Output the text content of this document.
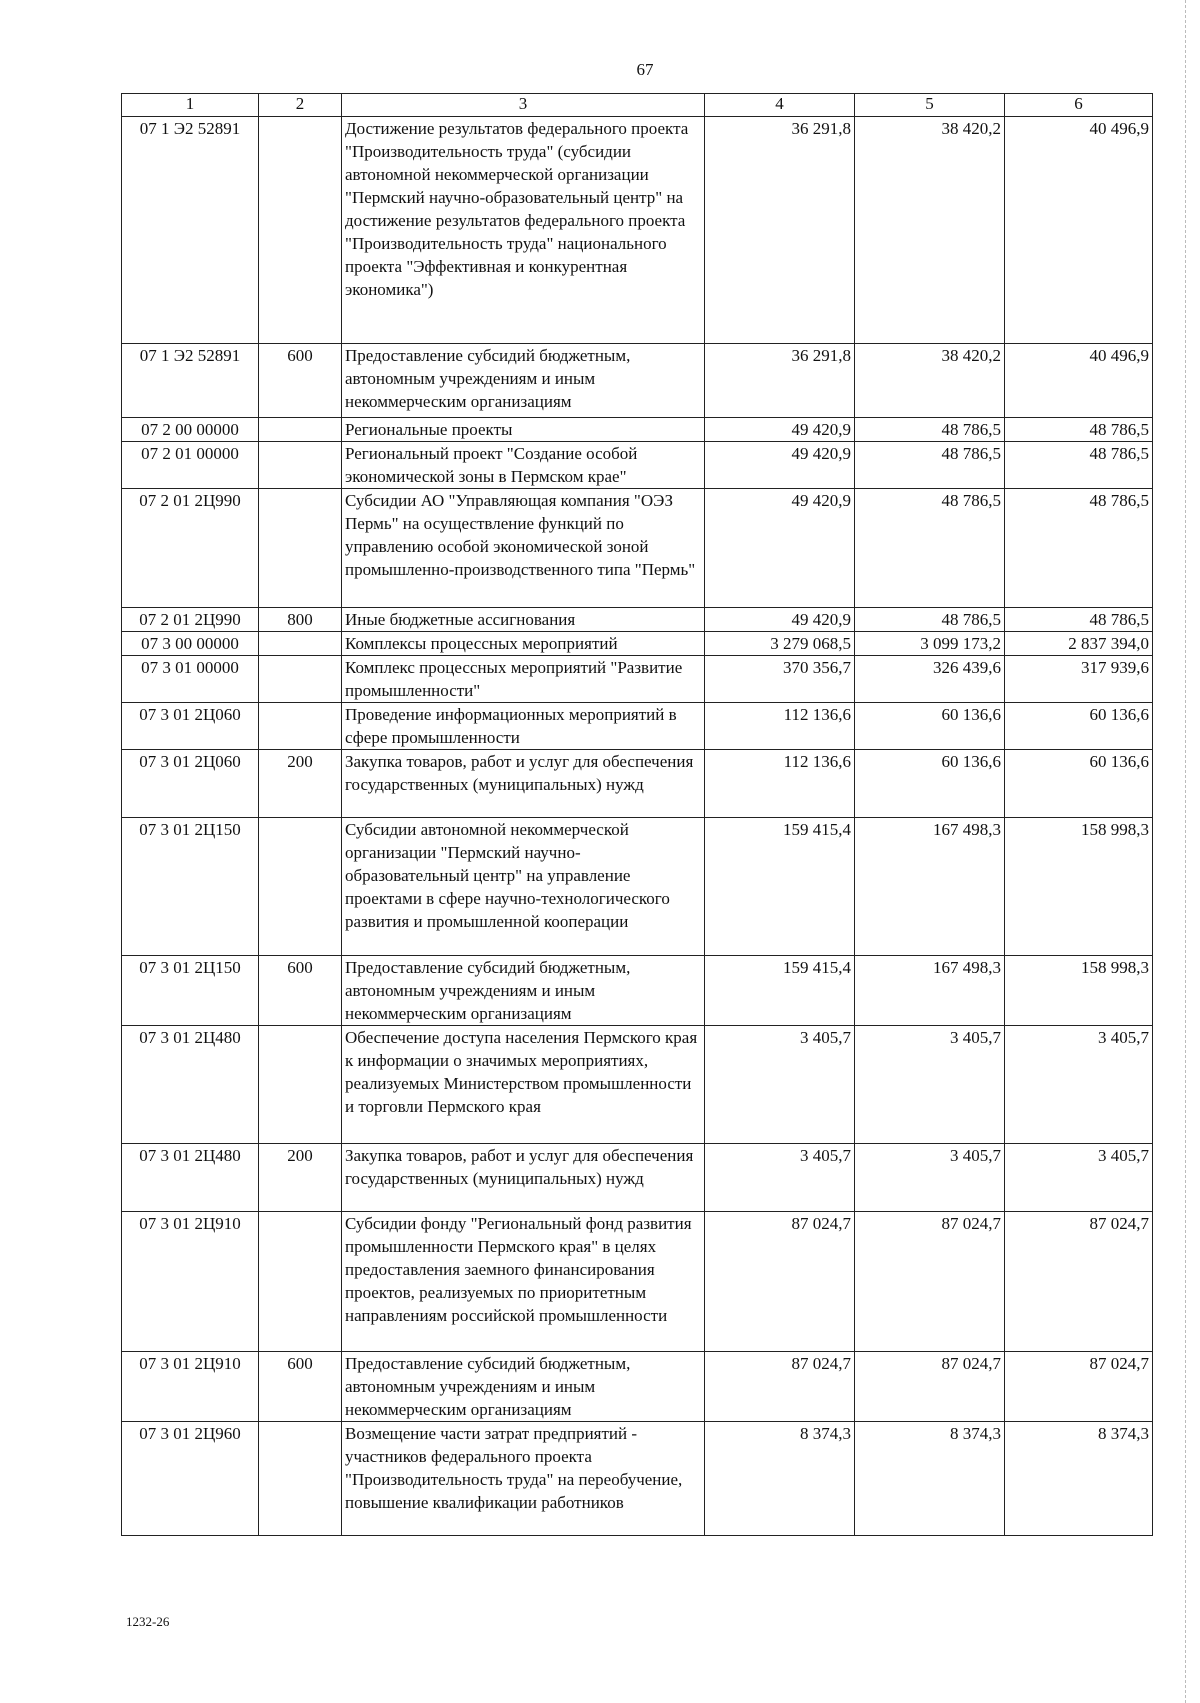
67
1	2	3	4	5	6
07 1 Э2 52891		Достижение результатов федерального проекта "Производительность труда" (субсидии автономной некоммерческой организации "Пермский научно-образовательный центр" на достижение результатов федерального проекта "Производительность труда" национального проекта "Эффективная и конкурентная экономика")	36 291,8	38 420,2	40 496,9
07 1 Э2 52891	600	Предоставление субсидий бюджетным, автономным учреждениям и иным некоммерческим организациям	36 291,8	38 420,2	40 496,9
07 2 00 00000		Региональные проекты	49 420,9	48 786,5	48 786,5
07 2 01 00000		Региональный проект "Создание особой экономической зоны в Пермском крае"	49 420,9	48 786,5	48 786,5
07 2 01 2Ц990		Субсидии АО "Управляющая компания "ОЭЗ Пермь" на осуществление функций по управлению особой экономической зоной промышленно-производственного типа "Пермь"	49 420,9	48 786,5	48 786,5
07 2 01 2Ц990	800	Иные бюджетные ассигнования	49 420,9	48 786,5	48 786,5
07 3 00 00000		Комплексы процессных мероприятий	3 279 068,5	3 099 173,2	2 837 394,0
07 3 01 00000		Комплекс процессных мероприятий "Развитие промышленности"	370 356,7	326 439,6	317 939,6
07 3 01 2Ц060		Проведение информационных мероприятий в сфере промышленности	112 136,6	60 136,6	60 136,6
07 3 01 2Ц060	200	Закупка товаров, работ и услуг для обеспечения государственных (муниципальных) нужд	112 136,6	60 136,6	60 136,6
07 3 01 2Ц150		Субсидии автономной некоммерческой организации "Пермский научно-образовательный центр" на управление проектами в сфере научно-технологического развития и промышленной кооперации	159 415,4	167 498,3	158 998,3
07 3 01 2Ц150	600	Предоставление субсидий бюджетным, автономным учреждениям и иным некоммерческим организациям	159 415,4	167 498,3	158 998,3
07 3 01 2Ц480		Обеспечение доступа населения Пермского края к информации о значимых мероприятиях, реализуемых Министерством промышленности и торговли Пермского края	3 405,7	3 405,7	3 405,7
07 3 01 2Ц480	200	Закупка товаров, работ и услуг для обеспечения государственных (муниципальных) нужд	3 405,7	3 405,7	3 405,7
07 3 01 2Ц910		Субсидии фонду "Региональный фонд развития промышленности Пермского края" в целях предоставления заемного финансирования проектов, реализуемых по приоритетным направлениям российской промышленности	87 024,7	87 024,7	87 024,7
07 3 01 2Ц910	600	Предоставление субсидий бюджетным, автономным учреждениям и иным некоммерческим организациям	87 024,7	87 024,7	87 024,7
07 3 01 2Ц960		Возмещение части затрат предприятий - участников федерального проекта "Производительность труда" на переобучение, повышение квалификации работников	8 374,3	8 374,3	8 374,3
1232-26
